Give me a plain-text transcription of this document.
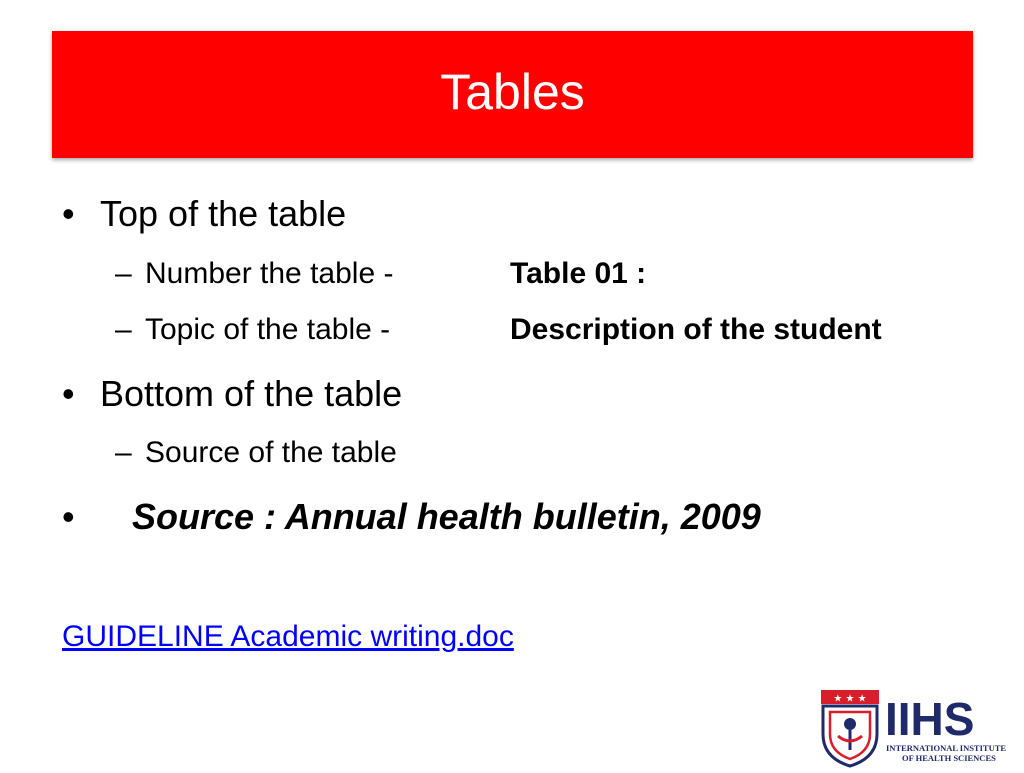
Tables
• Top of the table
– Number the table -	Table 01 :
– Topic of the table -	Description of the student
• Bottom of the table
– Source of the table
• Source : Annual health bulletin, 2009
GUIDELINE Academic writing.doc
★ ★ ★ IIHS
INTERNATIONAL INSTITUTE
OF HEALTH SCIENCES
